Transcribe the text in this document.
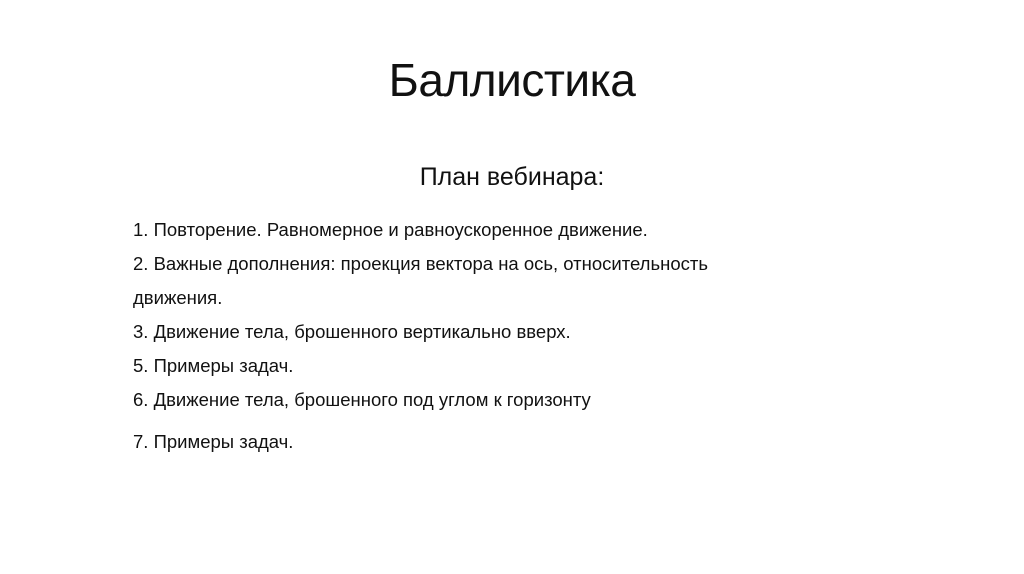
Баллистика
План вебинара:
1. Повторение. Равномерное и равноускоренное движение.
2. Важные дополнения: проекция вектора на ось, относительность
движения.
3. Движение тела, брошенного вертикально вверх.
5. Примеры задач.
6. Движение тела, брошенного под углом к горизонту
7. Примеры задач.
